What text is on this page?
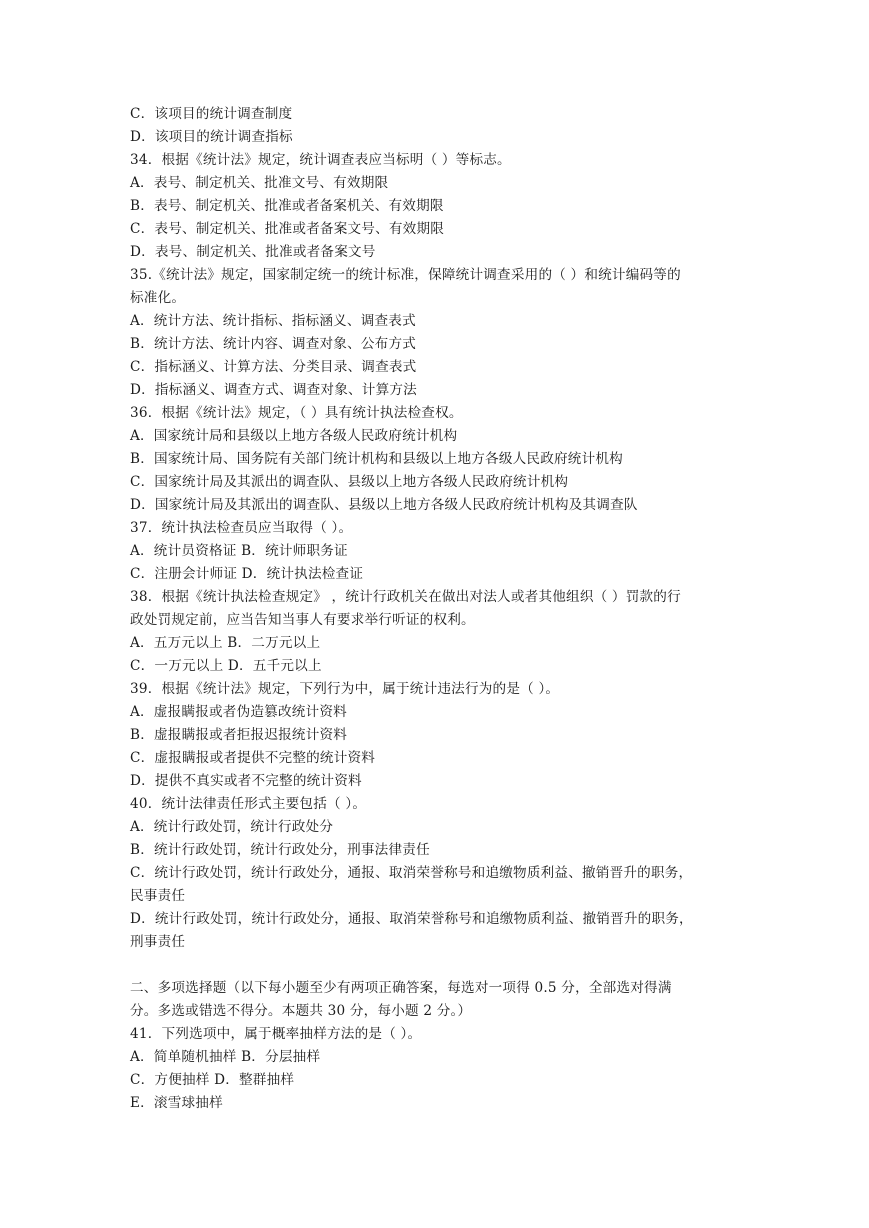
C．该项目的统计调查制度
D．该项目的统计调查指标
34．根据《统计法》规定，统计调查表应当标明（ ）等标志。
A．表号、制定机关、批准文号、有效期限
B．表号、制定机关、批准或者备案机关、有效期限
C．表号、制定机关、批准或者备案文号、有效期限
D．表号、制定机关、批准或者备案文号
35.《统计法》规定，国家制定统一的统计标准，保障统计调查采用的（ ）和统计编码等的
标准化。
A．统计方法、统计指标、指标涵义、调查表式
B．统计方法、统计内容、调查对象、公布方式
C．指标涵义、计算方法、分类目录、调查表式
D．指标涵义、调查方式、调查对象、计算方法
36．根据《统计法》规定，（ ）具有统计执法检查权。
A．国家统计局和县级以上地方各级人民政府统计机构
B．国家统计局、国务院有关部门统计机构和县级以上地方各级人民政府统计机构
C．国家统计局及其派出的调查队、县级以上地方各级人民政府统计机构
D．国家统计局及其派出的调查队、县级以上地方各级人民政府统计机构及其调查队
37．统计执法检查员应当取得（ ）。
A．统计员资格证 B．统计师职务证
C．注册会计师证 D．统计执法检查证
38．根据《统计执法检查规定》 ，统计行政机关在做出对法人或者其他组织（ ）罚款的行
政处罚规定前，应当告知当事人有要求举行听证的权利。
A．五万元以上 B．二万元以上
C．一万元以上 D．五千元以上
39．根据《统计法》规定，下列行为中，属于统计违法行为的是（ ）。
A．虚报瞒报或者伪造篡改统计资料
B．虚报瞒报或者拒报迟报统计资料
C．虚报瞒报或者提供不完整的统计资料
D．提供不真实或者不完整的统计资料
40．统计法律责任形式主要包括（ ）。
A．统计行政处罚，统计行政处分
B．统计行政处罚，统计行政处分，刑事法律责任
C．统计行政处罚，统计行政处分，通报、取消荣誉称号和追缴物质利益、撤销晋升的职务，
民事责任
D．统计行政处罚，统计行政处分，通报、取消荣誉称号和追缴物质利益、撤销晋升的职务，
刑事责任
二、多项选择题（以下每小题至少有两项正确答案，每选对一项得 0.5 分，全部选对得满
分。多选或错选不得分。本题共 30 分，每小题 2 分。）
41．下列选项中，属于概率抽样方法的是（ ）。
A．简单随机抽样 B．分层抽样
C．方便抽样 D．整群抽样
E．滚雪球抽样
